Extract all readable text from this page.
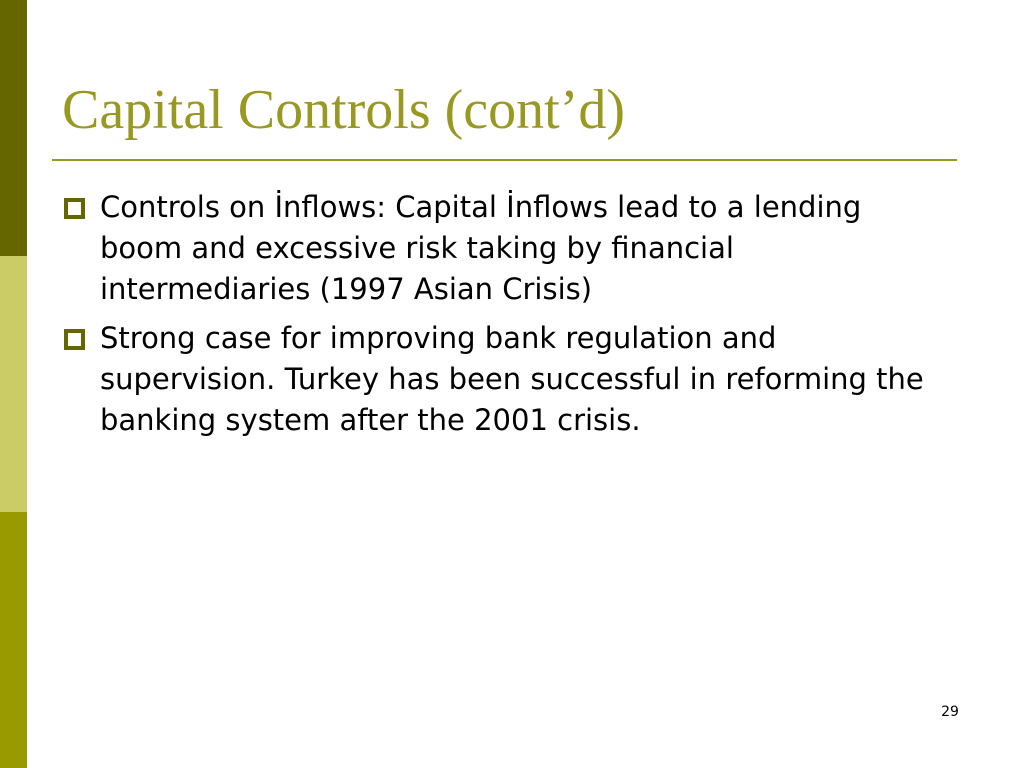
Capital Controls (cont’d)
Controls on İnflows: Capital İnflows lead to a lending boom and excessive risk taking by financial intermediaries (1997 Asian Crisis)
Strong case for improving bank regulation and supervision. Turkey has been successful in reforming the banking system after the 2001 crisis.
29
